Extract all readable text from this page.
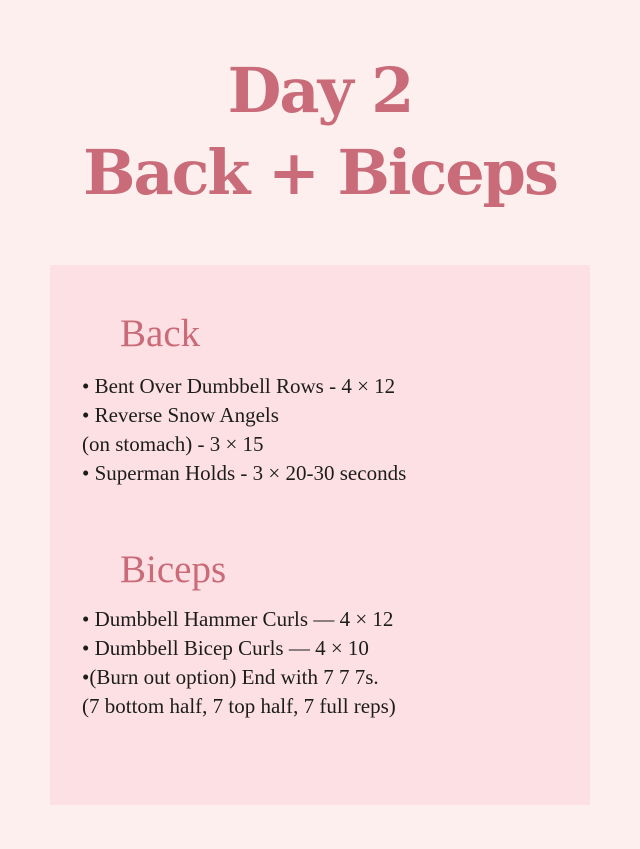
Day 2
Back + Biceps
Back
• Bent Over Dumbbell Rows - 4 × 12
• Reverse Snow Angels
(on stomach) - 3 × 15
• Superman Holds - 3 × 20-30 seconds
Biceps
• Dumbbell Hammer Curls — 4 × 12
• Dumbbell Bicep Curls — 4 × 10
•(Burn out option) End with 7 7 7s.
(7 bottom half, 7 top half, 7 full reps)
